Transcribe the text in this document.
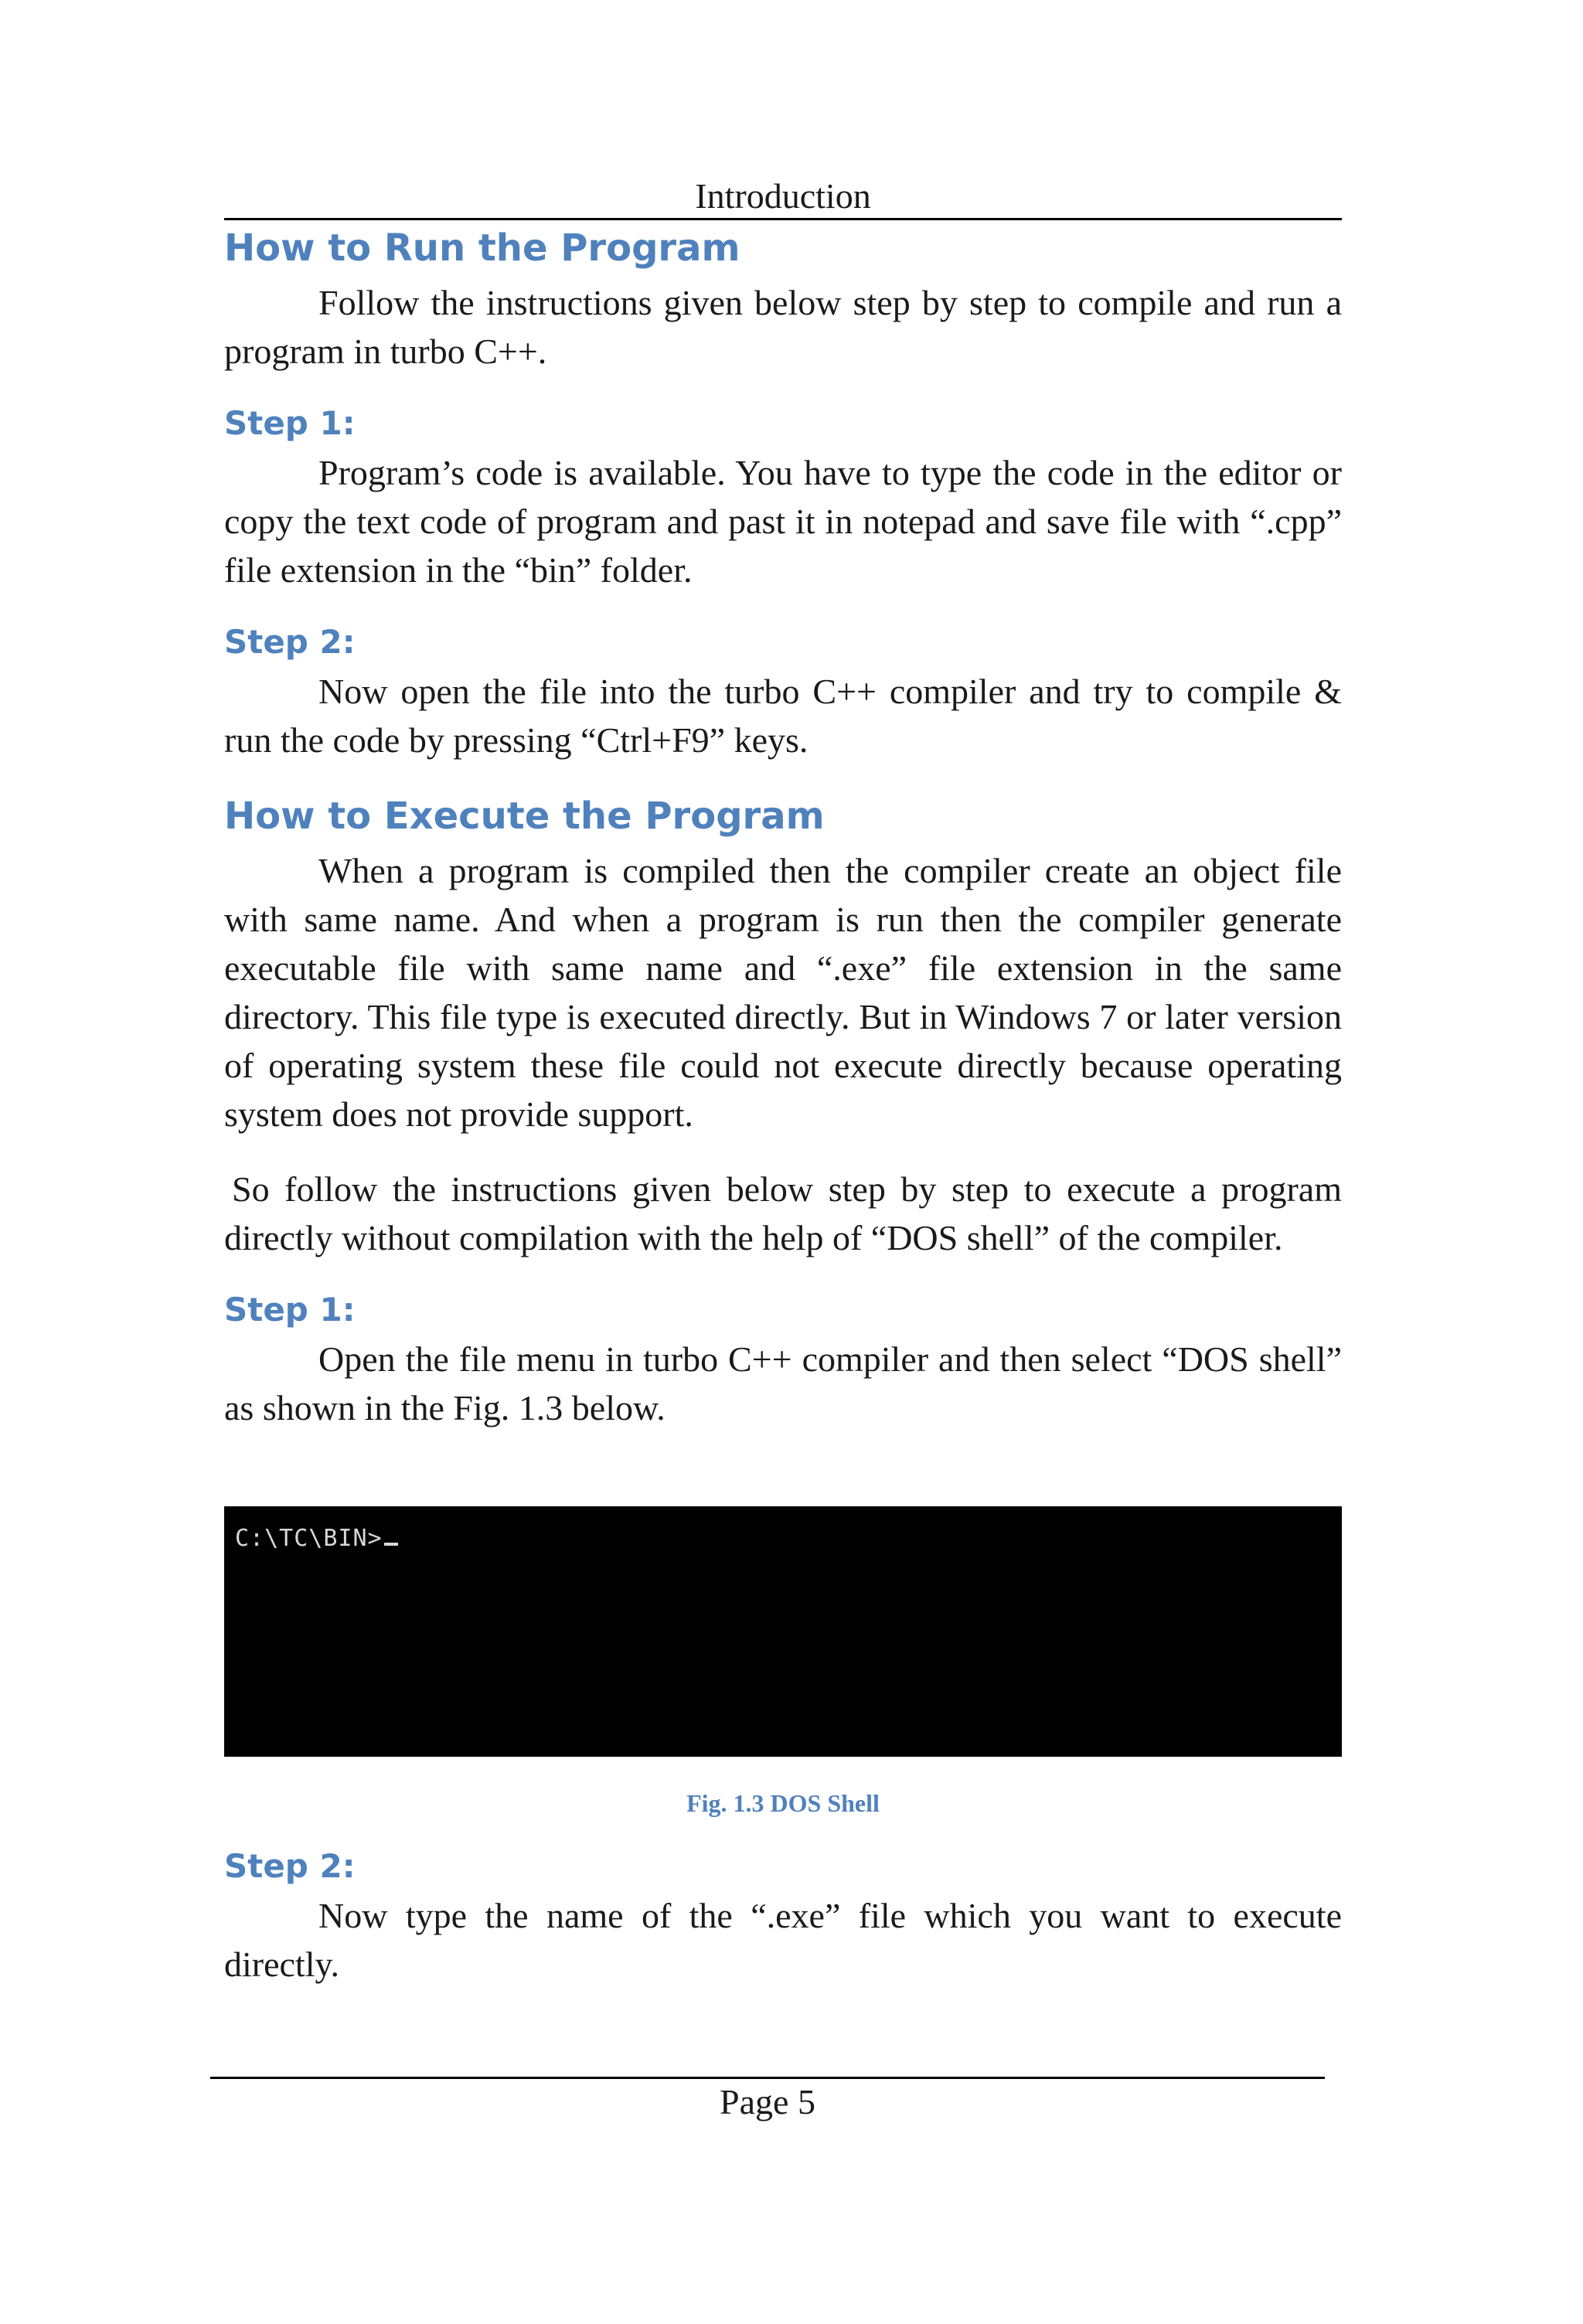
Introduction
How to Run the Program

Follow the instructions given below step by step to compile and run a program in turbo C++.

Step 1:

Program’s code is available. You have to type the code in the editor or copy the text code of program and past it in notepad and save file with “.cpp” file extension in the “bin” folder.

Step 2:

Now open the file into the turbo C++ compiler and try to compile & run the code by pressing “Ctrl+F9” keys.

How to Execute the Program

When a program is compiled then the compiler create an object file with same name. And when a program is run then the compiler generate executable file with same name and “.exe” file extension in the same directory. This file type is executed directly. But in Windows 7 or later version of operating system these file could not execute directly because operating system does not provide support.

So follow the instructions given below step by step to execute a program directly without compilation with the help of “DOS shell” of the compiler.

Step 1:

Open the file menu in turbo C++ compiler and then select “DOS shell” as shown in the Fig. 1.3 below.

C:\TC\BIN>
Fig. 1.3 DOS Shell
Step 2:

Now type the name of the “.exe” file which you want to execute directly.

Page 5
